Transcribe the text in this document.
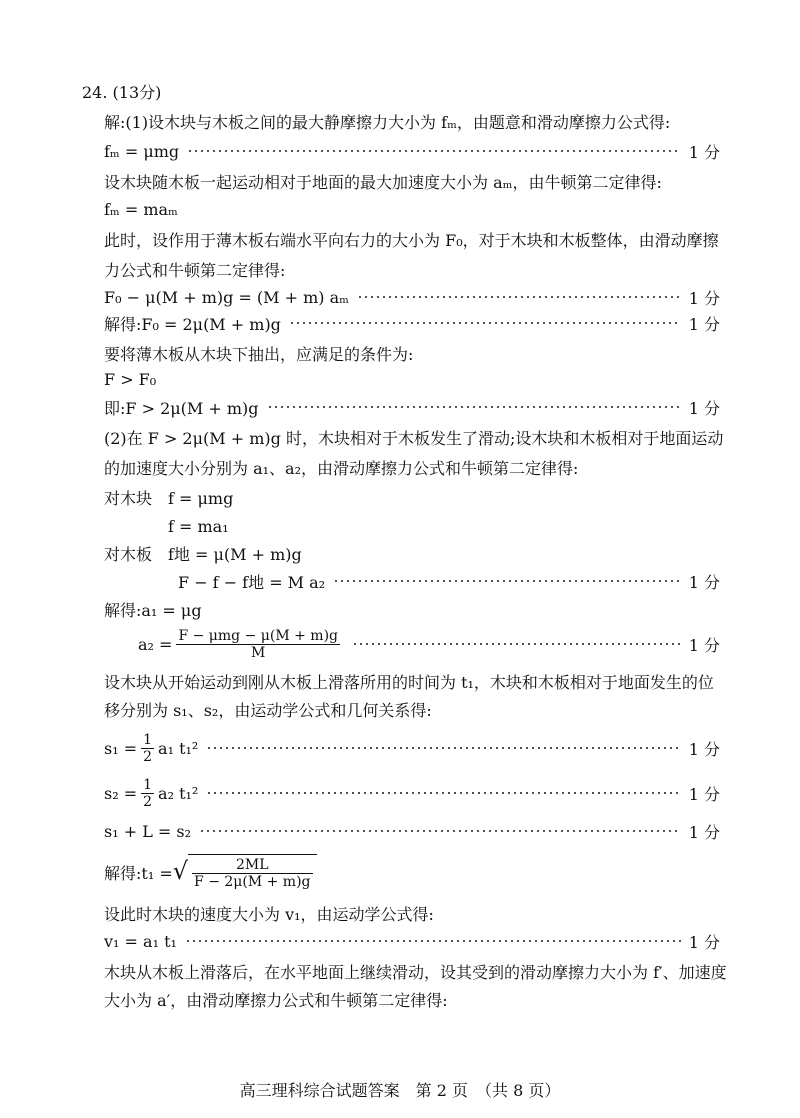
24. (13分)
解:(1)设木块与木板之间的最大静摩擦力大小为 fₘ，由题意和滑动摩擦力公式得:
fₘ = μmg	1 分
设木块随木板一起运动相对于地面的最大加速度大小为 aₘ，由牛顿第二定律得:
fₘ = maₘ
此时，设作用于薄木板右端水平向右力的大小为 F₀，对于木块和木板整体，由滑动摩擦
力公式和牛顿第二定律得:
F₀ − μ(M + m)g = (M + m) aₘ	1 分
解得:F₀ = 2μ(M + m)g	1 分
要将薄木板从木块下抽出，应满足的条件为:
F > F₀
即:F > 2μ(M + m)g	1 分
(2)在 F > 2μ(M + m)g 时，木块相对于木板发生了滑动;设木块和木板相对于地面运动
的加速度大小分别为 a₁、a₂，由滑动摩擦力公式和牛顿第二定律得:
对木块　f = μmg
f = ma₁
对木板　f地 = μ(M + m)g
F − f − f地 = M a₂	1 分
解得:a₁ = μg
$a_2 = \frac{\text{F − μmg − μ(M + m)g}}{M}$	1 分
设木块从开始运动到刚从木板上滑落所用的时间为 t₁，木块和木板相对于地面发生的位
移分别为 s₁、s₂，由运动学公式和几何关系得:
$s_1 = \frac{1}{2} a_1$ t₁²	1 分
$s_2 = \frac{1}{2} a_2$ t₁²	1 分
s₁ + L = s₂	1 分
解得:t₁ = √ $\frac{2ML}{F - 2\mu(M + m)g}$
设此时木块的速度大小为 v₁，由运动学公式得:
v₁ = a₁ t₁	1 分
木块从木板上滑落后，在水平地面上继续滑动，设其受到的滑动摩擦力大小为 f′、加速度
大小为 a′，由滑动摩擦力公式和牛顿第二定律得:
高三理科综合试题答案　第 2 页　（共 8 页）
